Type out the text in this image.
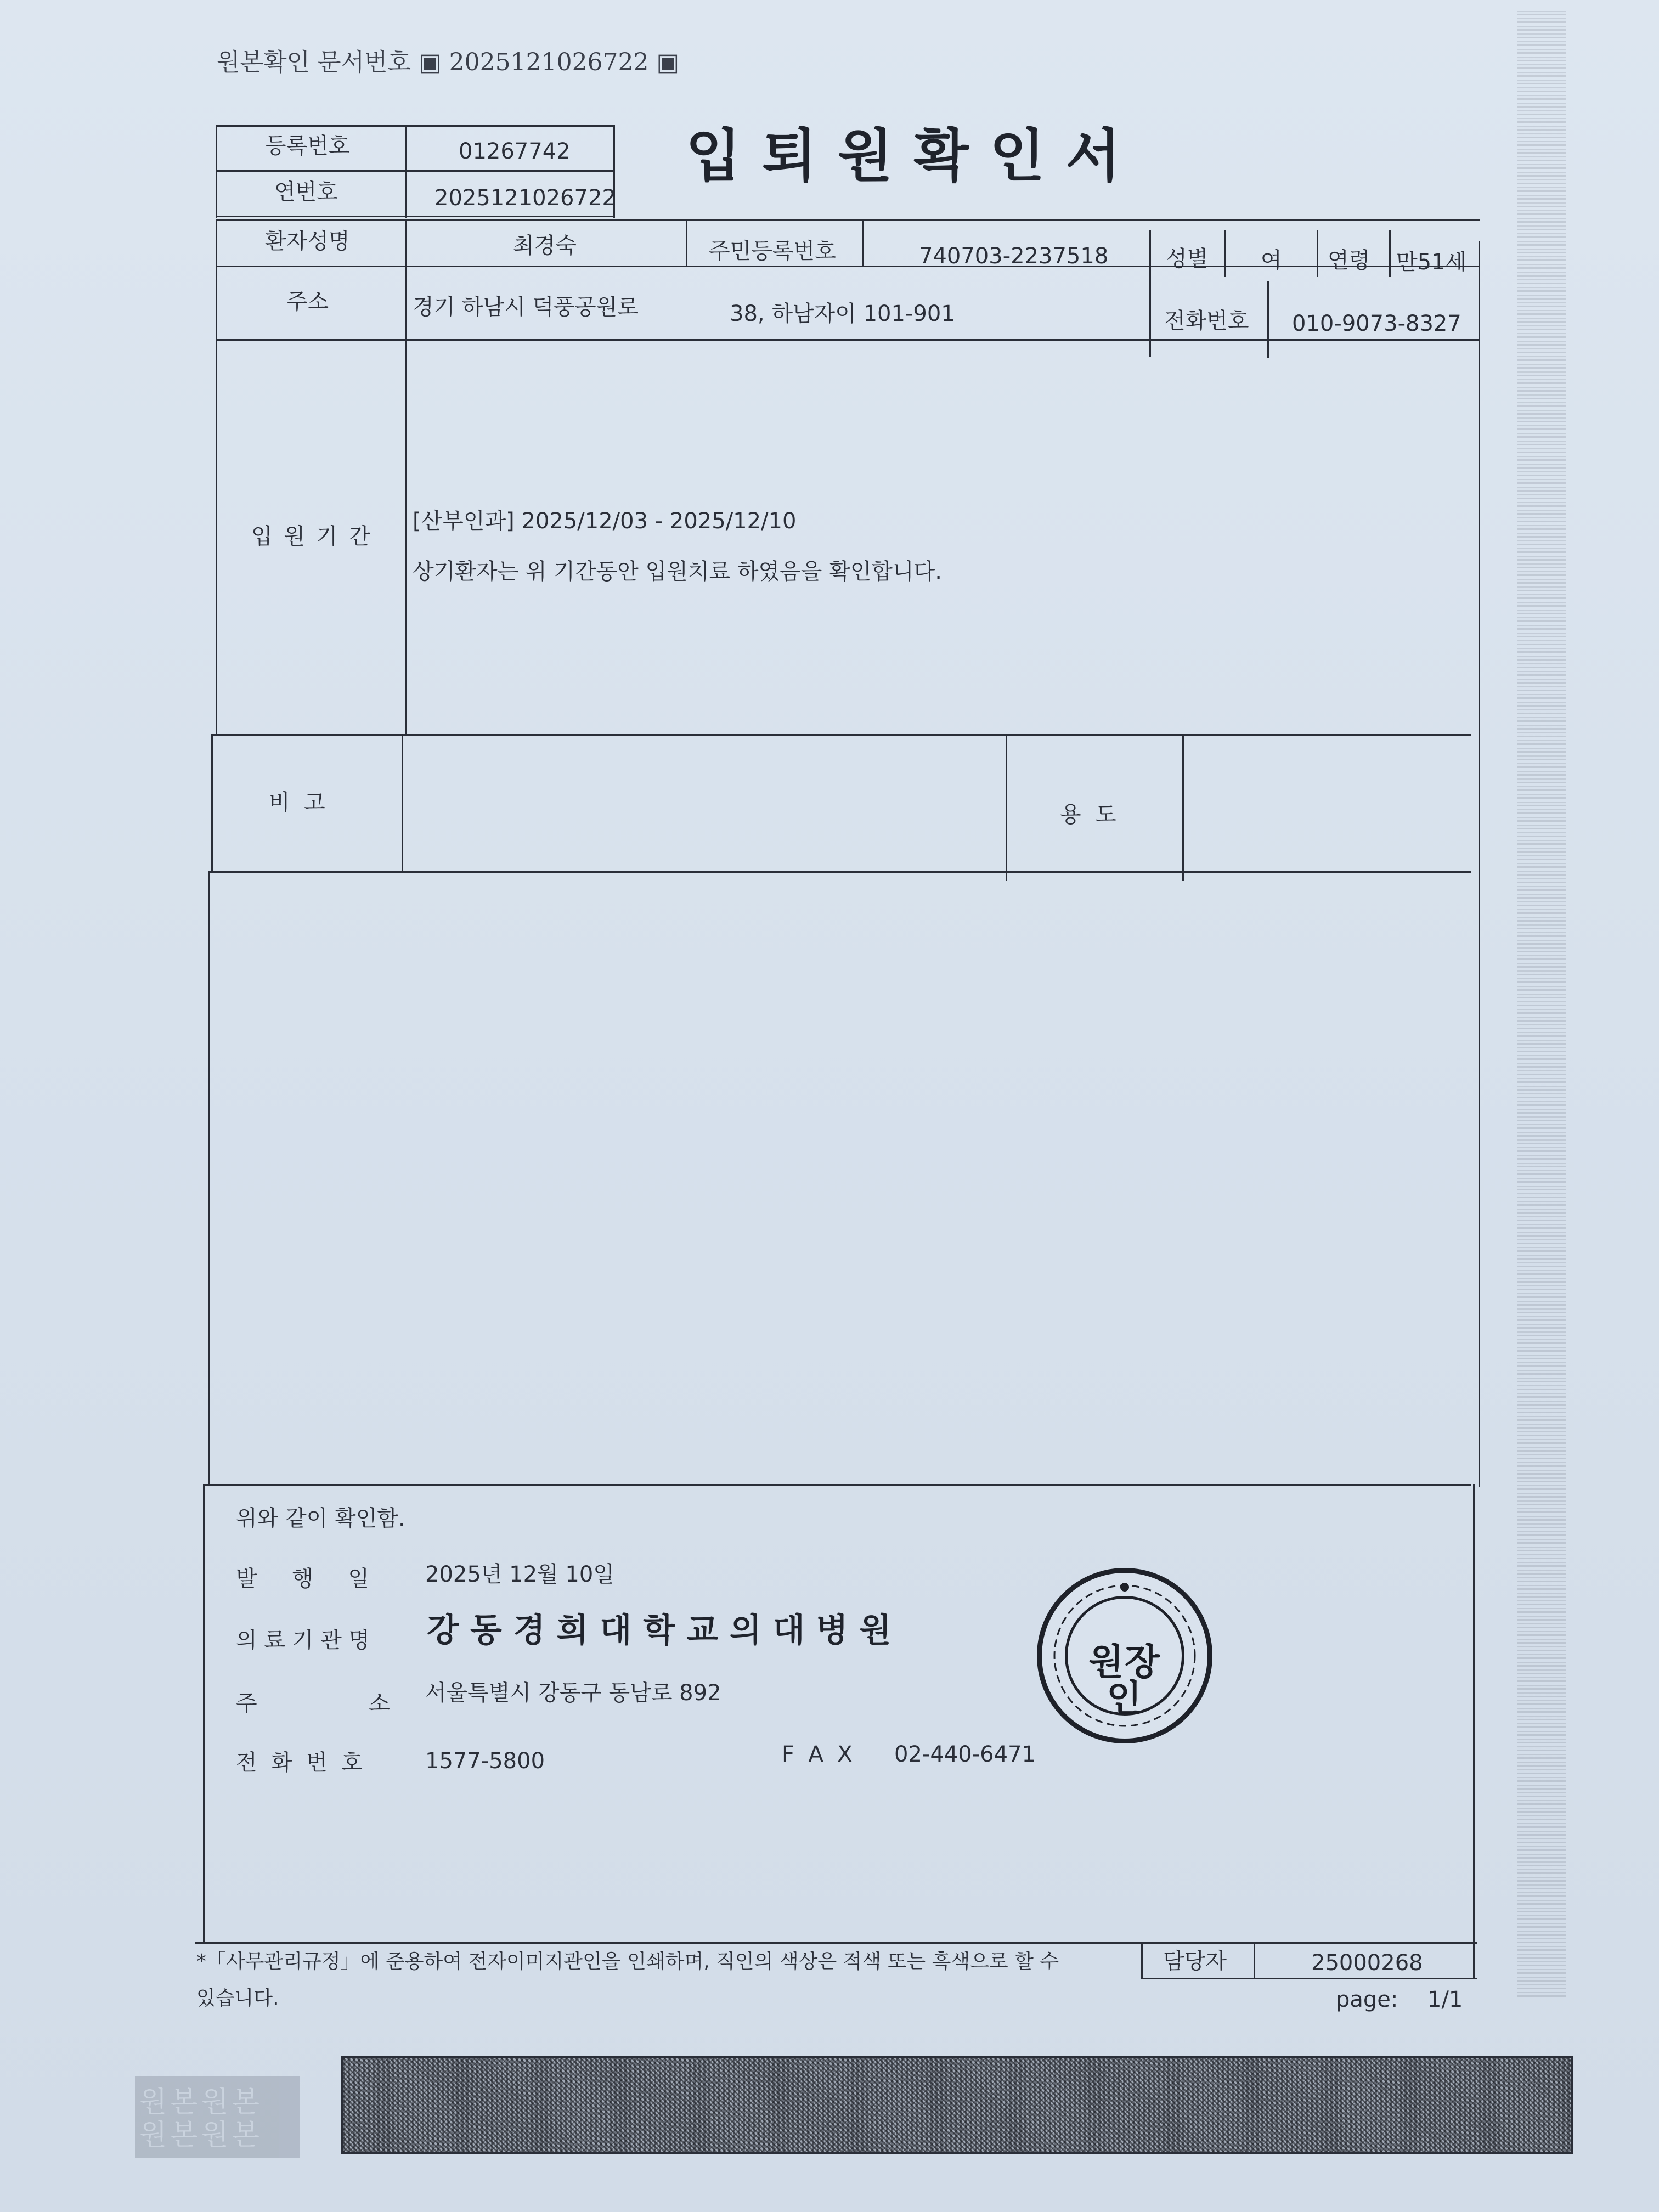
원본확인 문서번호 ▣ 2025121026722 ▣
입퇴원확인서
등록번호	01267742
연번호	2025121026722
환자성명	최경숙	주민등록번호	740703-2237518	성별 여 연령 만51세
주소	경기 하남시 덕풍공원로	38, 하남자이 101-901	전화번호 010-9073-8327
입 원 기 간
[산부인과] 2025/12/03 - 2025/12/10
상기환자는 위 기간동안 입원치료 하였음을 확인합니다.
비  고	용  도
위와 같이 확인함.
발     행     일	2025년 12월 10일
의 료 기 관 명 강 동 경 희 대 학 교 의 대 병 원
주                소 서울특별시 강동구 동남로 892
전  화  번  호	1577-5800	F  A  X 02-440-6471
원장
인
*「사무관리규정」에 준용하여 전자이미지관인을 인쇄하며, 직인의 색상은 적색 또는 흑색으로 할 수
있습니다.
담당자	25000268
page: 1/1
원본원본
원본원본
